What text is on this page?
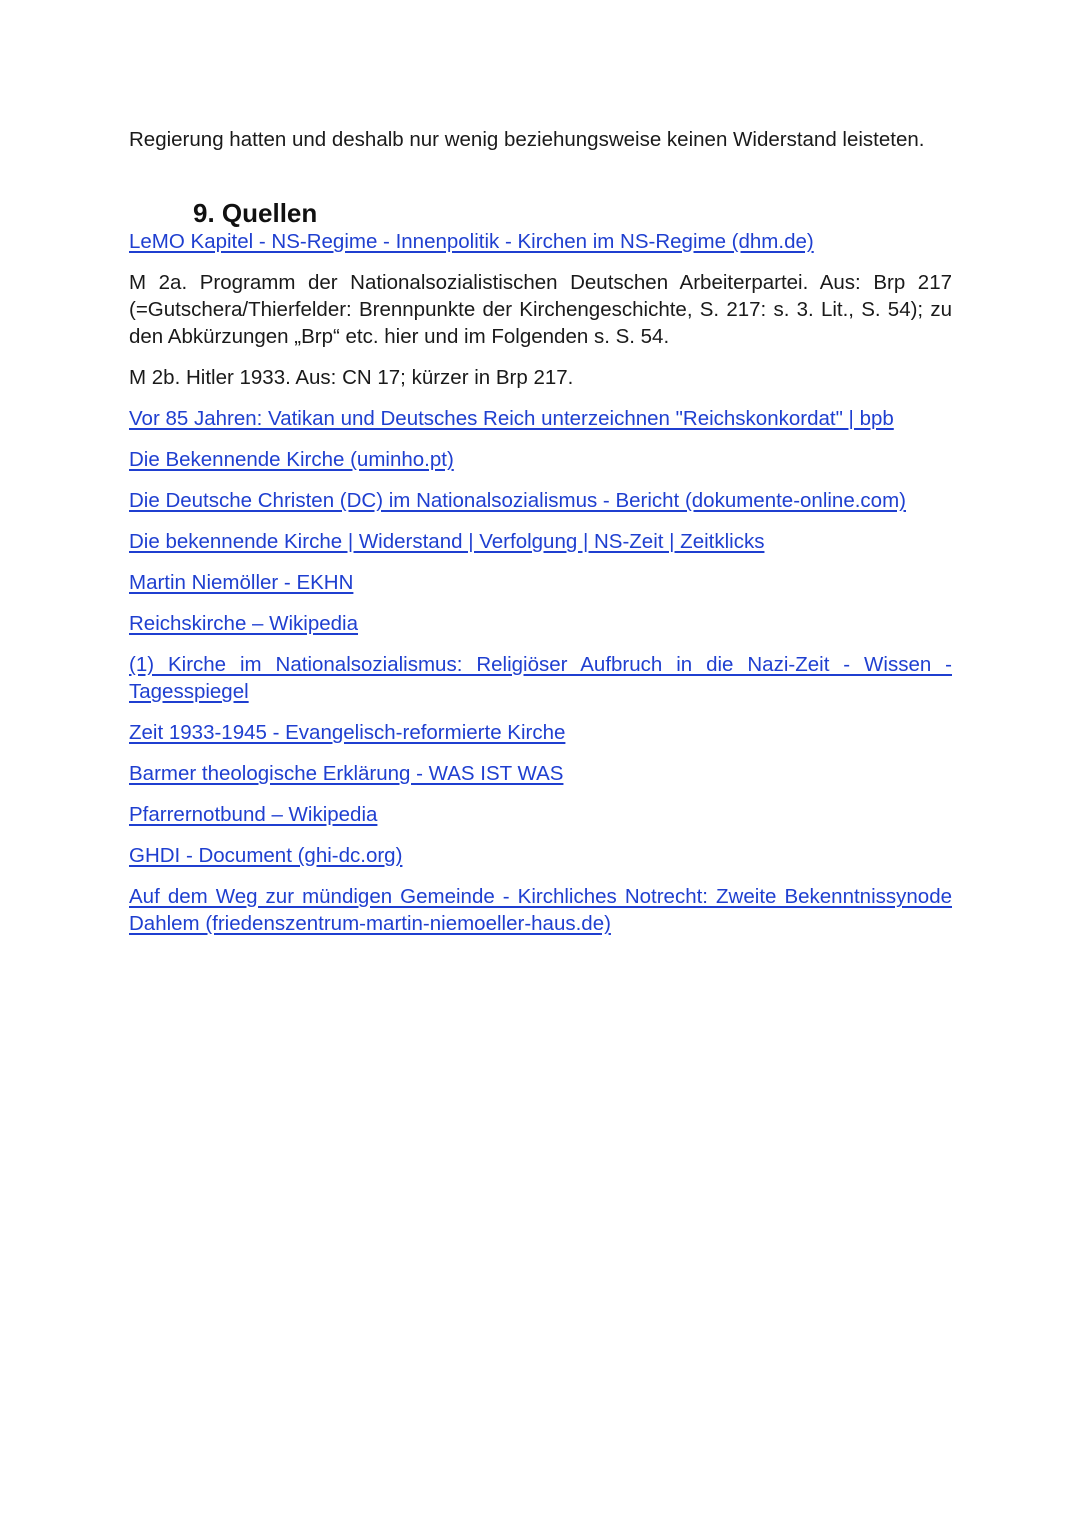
Regierung hatten und deshalb nur wenig beziehungsweise keinen Widerstand leisteten.

9. Quellen

LeMO Kapitel - NS-Regime - Innenpolitik - Kirchen im NS-Regime (dhm.de)

M 2a. Programm der Nationalsozialistischen Deutschen Arbeiterpartei. Aus: Brp 217 (=Gutschera/Thierfelder: Brennpunkte der Kirchengeschichte, S. 217: s. 3. Lit., S. 54); zu den Abkürzungen „Brp“ etc. hier und im Folgenden s. S. 54.

M 2b. Hitler 1933. Aus: CN 17; kürzer in Brp 217.

Vor 85 Jahren: Vatikan und Deutsches Reich unterzeichnen "Reichskonkordat" | bpb

Die Bekennende Kirche (uminho.pt)

Die Deutsche Christen (DC) im Nationalsozialismus - Bericht (dokumente-online.com)

Die bekennende Kirche | Widerstand | Verfolgung | NS-Zeit | Zeitklicks

Martin Niemöller - EKHN

Reichskirche – Wikipedia

(1) Kirche im Nationalsozialismus: Religiöser Aufbruch in die Nazi-Zeit - Wissen - Tagesspiegel

Zeit 1933-1945 - Evangelisch-reformierte Kirche

Barmer theologische Erklärung - WAS IST WAS

Pfarrernotbund – Wikipedia

GHDI - Document (ghi-dc.org)

Auf dem Weg zur mündigen Gemeinde - Kirchliches Notrecht: Zweite Bekenntnissynode Dahlem (friedenszentrum-martin-niemoeller-haus.de)
